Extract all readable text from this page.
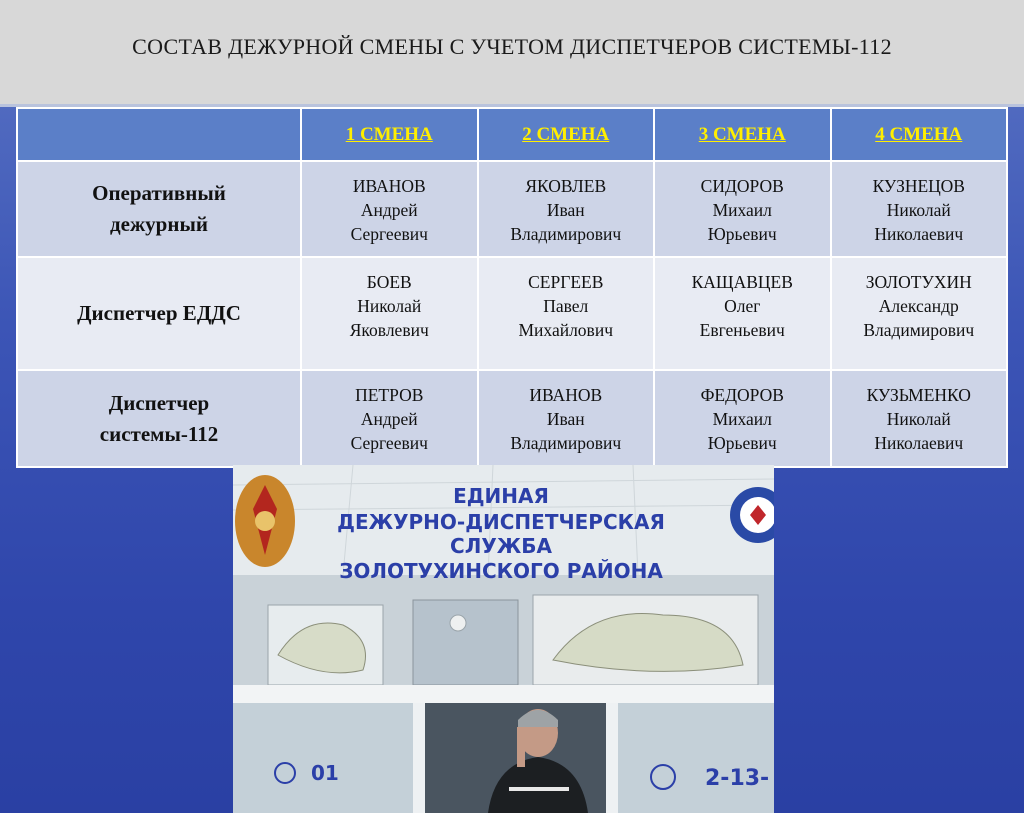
СОСТАВ ДЕЖУРНОЙ СМЕНЫ С УЧЕТОМ ДИСПЕТЧЕРОВ СИСТЕМЫ-112
	1 СМЕНА	2 СМЕНА	3 СМЕНА	4 СМЕНА
Оперативный
дежурный	ИВАНОВ
Андрей
Сергеевич	ЯКОВЛЕВ
Иван
Владимирович	СИДОРОВ
Михаил
Юрьевич	КУЗНЕЦОВ
Николай
Николаевич

Диспетчер ЕДДС	БОЕВ
Николай
Яковлевич	СЕРГЕЕВ
Павел
Михайлович	КАЩАВЦЕВ
Олег
Евгеньевич	ЗОЛОТУХИН
Александр
Владимирович

Диспетчер
системы-112	ПЕТРОВ
Андрей
Сергеевич	ИВАНОВ
Иван
Владимирович	ФЕДОРОВ
Михаил
Юрьевич	КУЗЬМЕНКО
Николай
Николаевич
ЕДИНАЯ
ДЕЖУРНО-ДИСПЕТЧЕРСКАЯ
СЛУЖБА
ЗОЛОТУХИНСКОГО РАЙОНА
01	2-13-
